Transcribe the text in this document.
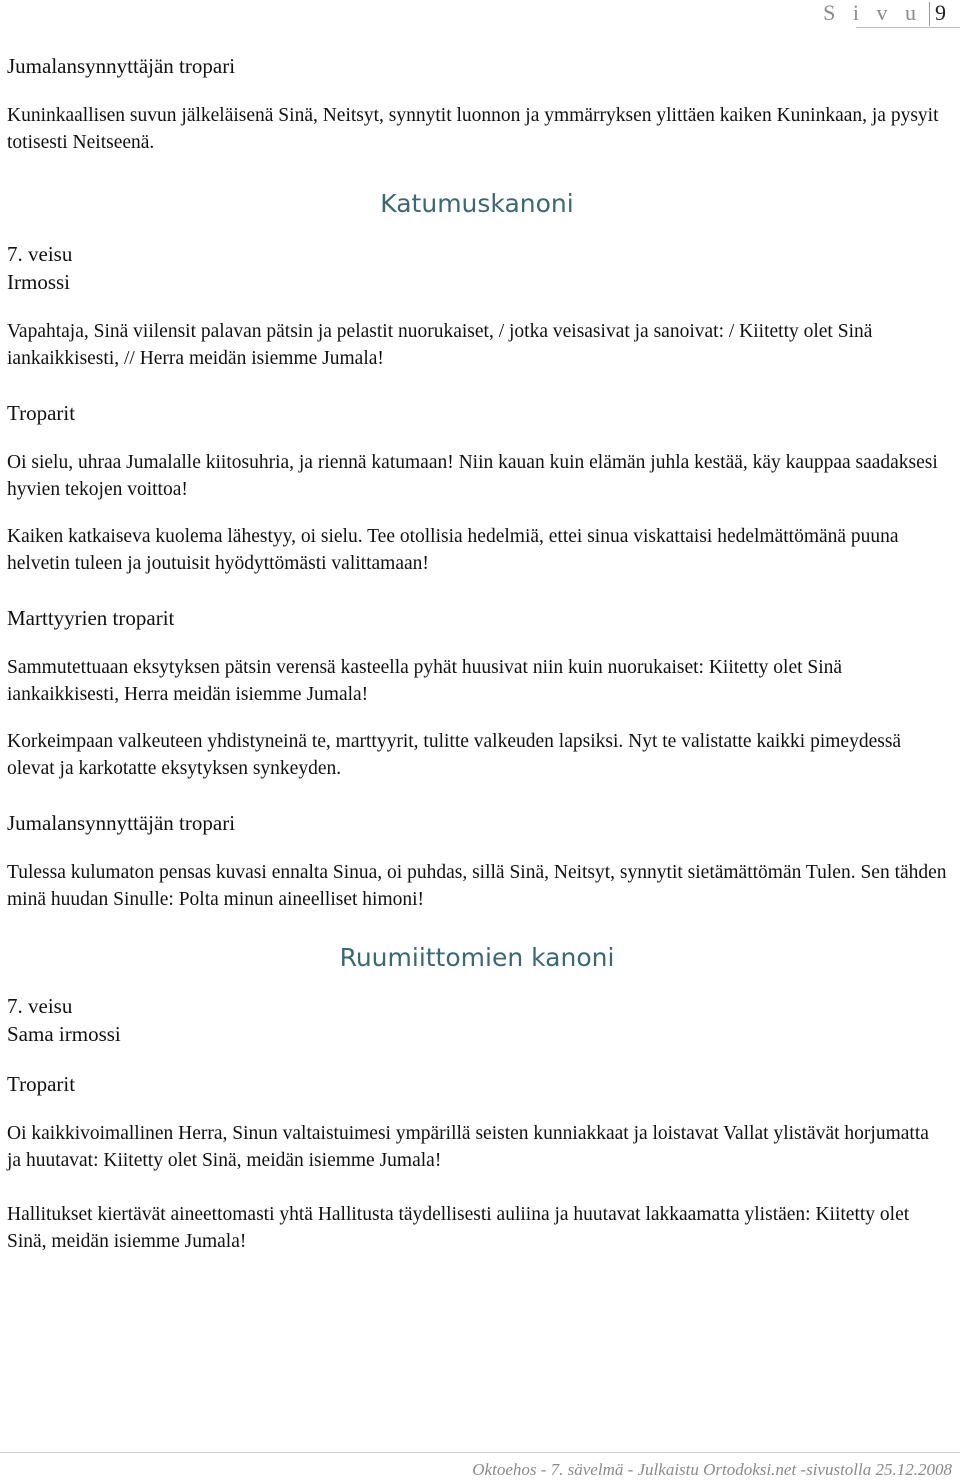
S i v u 9
Jumalansynnyttäjän tropari

Kuninkaallisen suvun jälkeläisenä Sinä, Neitsyt, synnytit luonnon ja ymmärryksen ylittäen kaiken Kuninkaan, ja pysyit totisesti Neitseenä.

Katumuskanoni
7. veisu
Irmossi

Vapahtaja, Sinä viilensit palavan pätsin ja pelastit nuorukaiset, / jotka veisasivat ja sanoivat: / Kiitetty olet Sinä iankaikkisesti, // Herra meidän isiemme Jumala!

Troparit

Oi sielu, uhraa Jumalalle kiitosuhria, ja riennä katumaan! Niin kauan kuin elämän juhla kestää, käy kauppaa saadaksesi hyvien tekojen voittoa!

Kaiken katkaiseva kuolema lähestyy, oi sielu. Tee otollisia hedelmiä, ettei sinua viskattaisi hedelmättömänä puuna helvetin tuleen ja joutuisit hyödyttömästi valittamaan!

Marttyyrien troparit

Sammutettuaan eksytyksen pätsin verensä kasteella pyhät huusivat niin kuin nuorukaiset: Kiitetty olet Sinä iankaikkisesti, Herra meidän isiemme Jumala!

Korkeimpaan valkeuteen yhdistyneinä te, marttyyrit, tulitte valkeuden lapsiksi. Nyt te valistatte kaikki pimeydessä olevat ja karkotatte eksytyksen synkeyden.

Jumalansynnyttäjän tropari

Tulessa kulumaton pensas kuvasi ennalta Sinua, oi puhdas, sillä Sinä, Neitsyt, synnytit sietämättömän Tulen. Sen tähden minä huudan Sinulle: Polta minun aineelliset himoni!

Ruumiittomien kanoni
7. veisu
Sama irmossi
Troparit

Oi kaikkivoimallinen Herra, Sinun valtaistuimesi ympärillä seisten kunniakkaat ja loistavat Vallat ylistävät horjumatta ja huutavat: Kiitetty olet Sinä, meidän isiemme Jumala!

Hallitukset kiertävät aineettomasti yhtä Hallitusta täydellisesti auliina ja huutavat lakkaamatta ylistäen: Kiitetty olet Sinä, meidän isiemme Jumala!

Oktoehos - 7. sävelmä - Julkaistu Ortodoksi.net -sivustolla 25.12.2008
